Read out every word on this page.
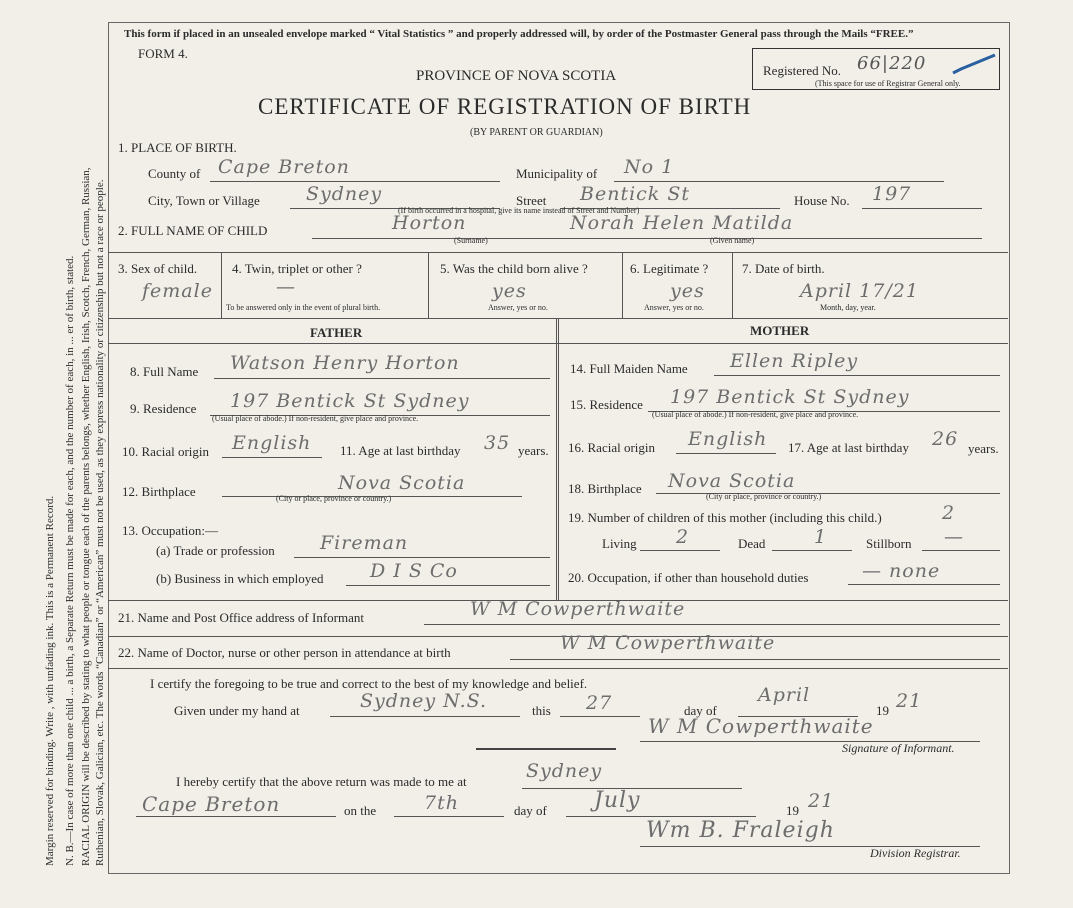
Margin reserved for binding. Write , with unfading ink. This is a Permanent Record. N. B.—In case of more than one child ... a birth, a Separate Return must be made for each, and the number of each, in ... er of birth, stated. RACIAL ORIGIN will be described by stating to what people or tongue each of the parents belongs, whether English, Irish, Scotch, French, German, Russian, Ruthenian, Slovak, Galician, etc. The words “Canadian” or “American” must not be used, as they express nationality or citizenship but not a race or people.
This form if placed in an unsealed envelope marked “ Vital Statistics ” and properly addressed will, by order of the Postmaster General pass through the Mails “FREE.”
FORM 4.
PROVINCE OF NOVA SCOTIA
CERTIFICATE OF REGISTRATION OF BIRTH
(BY PARENT OR GUARDIAN)
Registered No. 66|220
(This space for use of Registrar General only.
1. PLACE OF BIRTH.
County of Cape Breton	Municipality of No 1
City, Town or Village Sydney	Street Bentick St	House No. 197
(If birth occurred in a hospital, give its name instead of Street and Number)
2. FULL NAME OF CHILD	Horton	Norah Helen Matilda
(Surname)	(Given name)
3. Sex of child.
female
4. Twin, triplet or other ?
—
To be answered only in the event of plural birth.
5. Was the child born alive ?
yes
Answer, yes or no.
6. Legitimate ?
yes
Answer, yes or no.
7. Date of birth.
April 17/21
Month, day, year.
FATHER	MOTHER
8. Full Name Watson Henry Horton
9. Residence 197 Bentick St Sydney
(Usual place of abode.) If non-resident, give place and province.
10. Racial origin English 11. Age at last birthday 35 years.
12. Birthplace	Nova Scotia
(City or place, province or country.)
13. Occupation:—
(a) Trade or profession Fireman
(b) Business in which employed D I S Co
14. Full Maiden Name Ellen Ripley
15. Residence 197 Bentick St Sydney
(Usual place of abode.) If non-resident, give place and province.
16. Racial origin English 17. Age at last birthday 26 years.
18. Birthplace Nova Scotia
(City or place, province or country.)
19. Number of children of this mother (including this child.)	2
Living 2	Dead	1	Stillborn —
20. Occupation, if other than household duties	— none
21. Name and Post Office address of Informant	W M Cowperthwaite
22. Name of Doctor, nurse or other person in attendance at birth	W M Cowperthwaite
I certify the foregoing to be true and correct to the best of my knowledge and belief.
Given under my hand at	Sydney N.S.	this 27	day of
April
19 21
W M Cowperthwaite
Signature of Informant.
I hereby certify that the above return was made to me at	Sydney
Cape Breton	on the	7th	day of July	19 21
Wm B. Fraleigh
Division Registrar.
